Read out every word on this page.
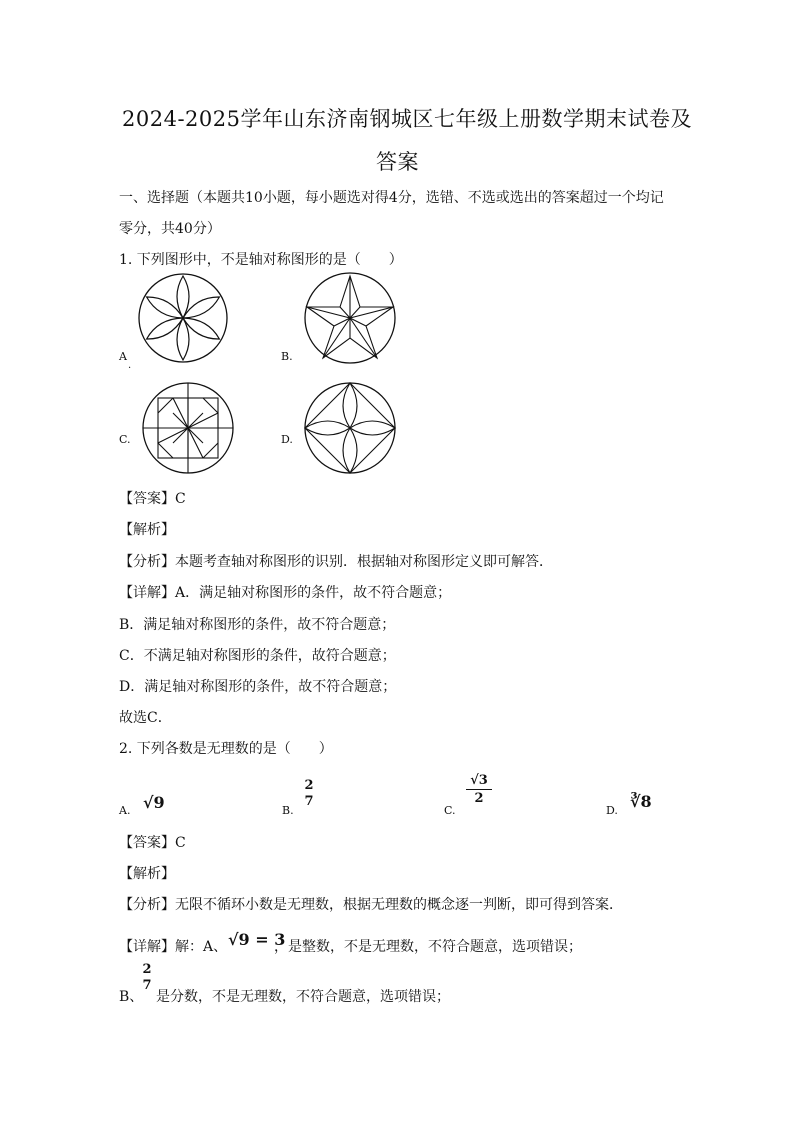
2024-2025学年山东济南钢城区七年级上册数学期末试卷及
答案
一、选择题（本题共10小题，每小题选对得4分，选错、不选或选出的答案超过一个均记
零分，共40分）
1. 下列图形中，不是轴对称图形的是（　　）
A
.
B.
C.	D.
【答案】C
【解析】
【分析】本题考查轴对称图形的识别．根据轴对称图形定义即可解答．
【详解】A．满足轴对称图形的条件，故不符合题意；
B．满足轴对称图形的条件，故不符合题意；
C．不满足轴对称图形的条件，故符合题意；
D．满足轴对称图形的条件，故不符合题意；
故选C．
2. 下列各数是无理数的是（　　）
A. √9	B.
2
7
C.
√3
2
D. ∛8
【答案】C
【解析】
【分析】无限不循环小数是无理数，根据无理数的概念逐一判断，即可得到答案．
【详解】解：A、 √9 = 3
，是整数，不是无理数，不符合题意，选项错误；
B、
2
7
是分数，不是无理数，不符合题意，选项错误；
